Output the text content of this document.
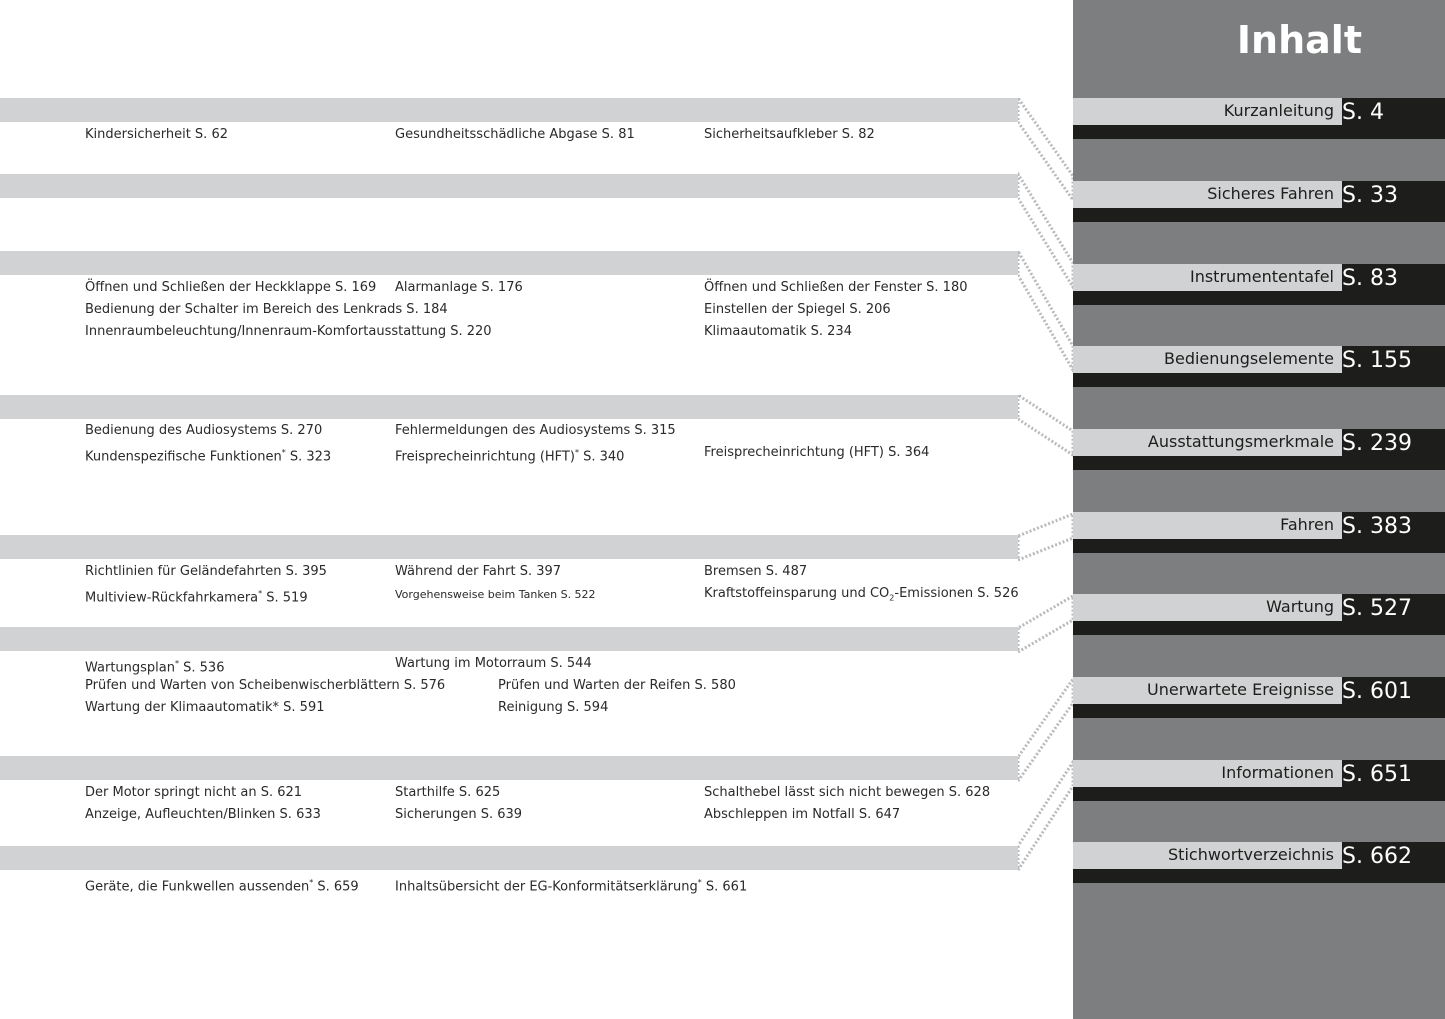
Inhalt
Kurzanleitung S. 4
Sicheres Fahren S. 33
Instrumententafel S. 83
Bedienungselemente S. 155
Ausstattungsmerkmale S. 239
Fahren S. 383
Wartung S. 527
Unerwartete Ereignisse S. 601
Informationen S. 651
Stichwortverzeichnis S. 662
Kindersicherheit S. 62	Gesundheitsschädliche Abgase S. 81	Sicherheitsaufkleber S. 82
Öffnen und Schließen der Heckklappe S. 169 Alarmanlage S. 176	Öffnen und Schließen der Fenster S. 180
Bedienung der Schalter im Bereich des Lenkrads S. 184	Einstellen der Spiegel S. 206
Innenraumbeleuchtung/Innenraum-Komfortausstattung S. 220	Klimaautomatik S. 234
Bedienung des Audiosystems S. 270	Fehlermeldungen des Audiosystems S. 315
Kundenspezifische Funktionen* S. 323	Freisprecheinrichtung (HFT)* S. 340	Freisprecheinrichtung (HFT) S. 364
Richtlinien für Geländefahrten S. 395	Während der Fahrt S. 397	Bremsen S. 487
Multiview-Rückfahrkamera* S. 519	Vorgehensweise beim Tanken S. 522	Kraftstoffeinsparung und $CO_2$-Emissionen S. 526
Wartungsplan* S. 536	Wartung im Motorraum S. 544
Prüfen und Warten von Scheibenwischerblättern S. 576	Prüfen und Warten der Reifen S. 580
Wartung der Klimaautomatik* S. 591	Reinigung S. 594
Der Motor springt nicht an S. 621	Starthilfe S. 625	Schalthebel lässt sich nicht bewegen S. 628
Anzeige, Aufleuchten/Blinken S. 633	Sicherungen S. 639	Abschleppen im Notfall S. 647
Geräte, die Funkwellen aussenden* S. 659	Inhaltsübersicht der EG-Konformitätserklärung* S. 661
